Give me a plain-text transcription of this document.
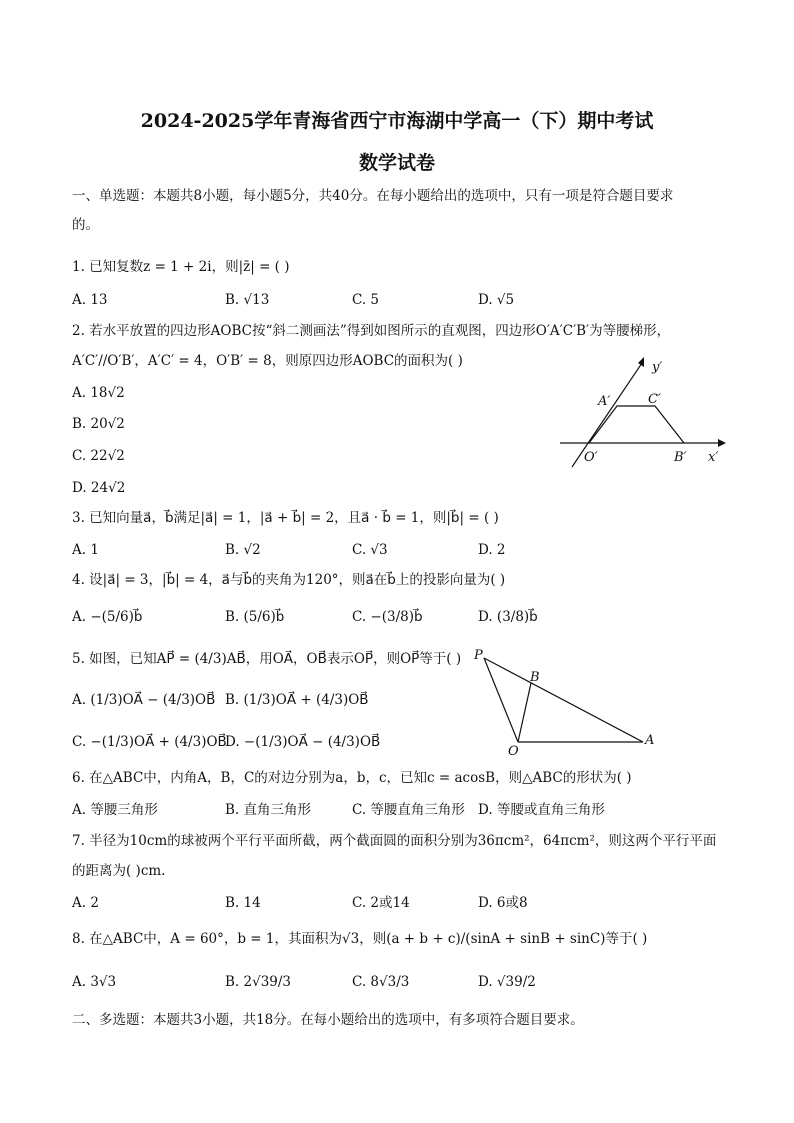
2024-2025学年青海省西宁市海湖中学高一（下）期中考试
数学试卷
一、单选题：本题共8小题，每小题5分，共40分。在每小题给出的选项中，只有一项是符合题目要求
的。
1. 已知复数z = 1 + 2i，则|z̄| = ( )
A. 13	B. √13	C. 5	D. √5
2. 若水平放置的四边形AOBC按“斜二测画法”得到如图所示的直观图，四边形O′A′C′B′为等腰梯形，
A′C′//O′B′，A′C′ = 4，O′B′ = 8，则原四边形AOBC的面积为( )
A. 18√2
B. 20√2
C. 22√2
D. 24√2
A′	C′
y′
O′	B′ x′
3. 已知向量a⃗，b⃗满足|a⃗| = 1，|a⃗ + b⃗| = 2，且a⃗ · b⃗ = 1，则|b⃗| = ( )
A. 1	B. √2	C. √3	D. 2
4. 设|a⃗| = 3，|b⃗| = 4，a⃗与b⃗的夹角为120°，则a⃗在b⃗上的投影向量为( )
A. −(5/6)b⃗	B. (5/6)b⃗	C. −(3/8)b⃗	D. (3/8)b⃗
5. 如图，已知AP⃗ = (4/3)AB⃗，用OA⃗，OB⃗表示OP⃗，则OP⃗等于( )
A. (1/3)OA⃗ − (4/3)OB⃗ B. (1/3)OA⃗ + (4/3)OB⃗
C. −(1/3)OA⃗ + (4/3)OB⃗
D. −(1/3)OA⃗ − (4/3)OB⃗
P
B
O
A
6. 在△ABC中，内角A，B，C的对边分别为a，b，c，已知c = acosB，则△ABC的形状为( )
A. 等腰三角形	B. 直角三角形	C. 等腰直角三角形 D. 等腰或直角三角形
7. 半径为10cm的球被两个平行平面所截，两个截面圆的面积分别为36πcm²，64πcm²，则这两个平行平面
的距离为( )cm.
A. 2	B. 14	C. 2或14	D. 6或8
8. 在△ABC中，A = 60°，b = 1，其面积为√3，则(a + b + c)/(sinA + sinB + sinC)等于( )
A. 3√3	B. 2√39/3	C. 8√3/3	D. √39/2
二、多选题：本题共3小题，共18分。在每小题给出的选项中，有多项符合题目要求。
